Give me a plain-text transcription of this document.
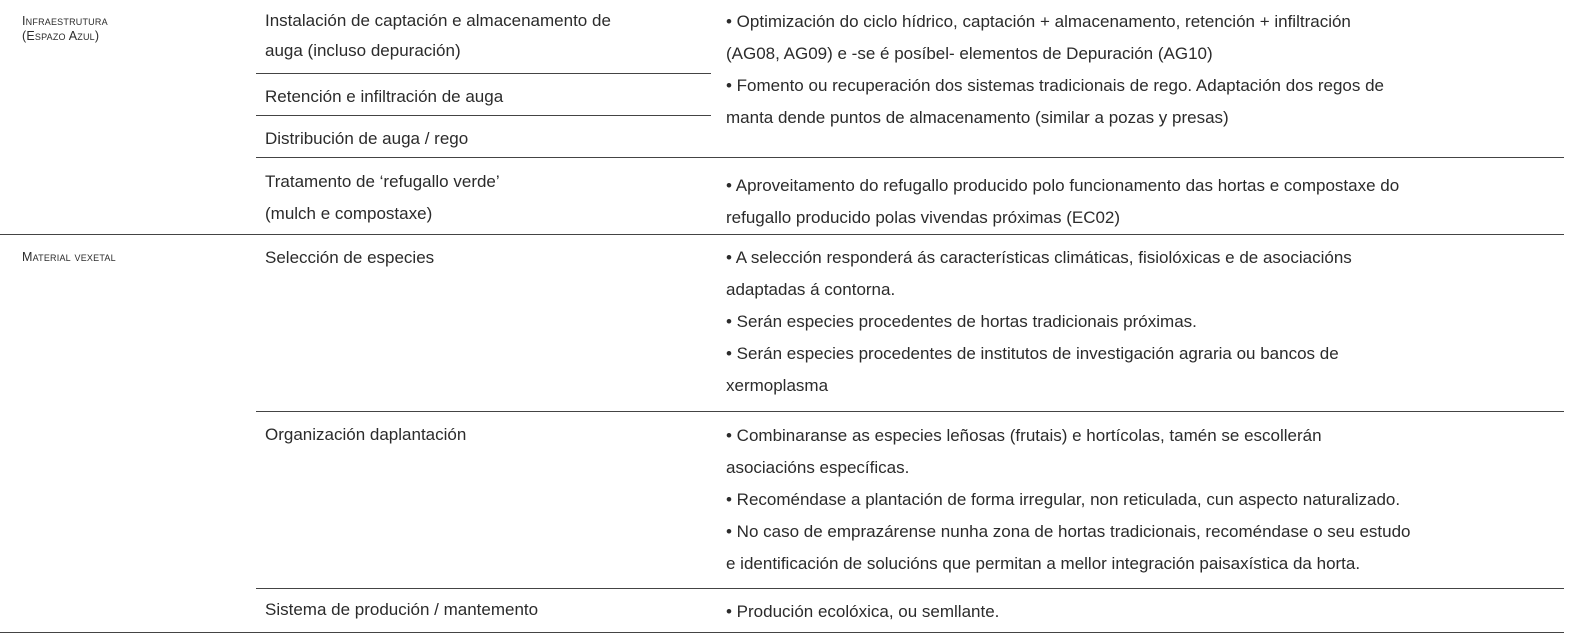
Infraestrutura
(Espazo Azul)
Material vexetal
Instalación de captación e almacenamento de
auga (incluso depuración)
Retención e infiltración de auga
Distribución de auga / rego
Tratamento de ‘refugallo verde’
(mulch e compostaxe)
Selección de especies
Organización daplantación
Sistema de produción / mantemento

• Optimización do ciclo hídrico, captación + almacenamento, retención + infiltración

(AG08, AG09) e -se é posíbel- elementos de Depuración (AG10)

• Fomento ou recuperación dos sistemas tradicionais de rego. Adaptación dos regos de

manta dende puntos de almacenamento (similar a pozas y presas)

• Aproveitamento do refugallo producido polo funcionamento das hortas e compostaxe do

refugallo producido polas vivendas próximas (EC02)

• A selección responderá ás características climáticas, fisiolóxicas e de asociacións

adaptadas á contorna.

• Serán especies procedentes de hortas tradicionais próximas.

• Serán especies procedentes de institutos de investigación agraria ou bancos de

xermoplasma

• Combinaranse as especies leñosas (frutais) e hortícolas, tamén se escollerán

asociacións específicas.

• Recoméndase a plantación de forma irregular, non reticulada, cun aspecto naturalizado.

• No caso de emprazárense nunha zona de hortas tradicionais, recoméndase o seu estudo

e identificación de solucións que permitan a mellor integración paisaxística da horta.

• Produción ecolóxica, ou semllante.
